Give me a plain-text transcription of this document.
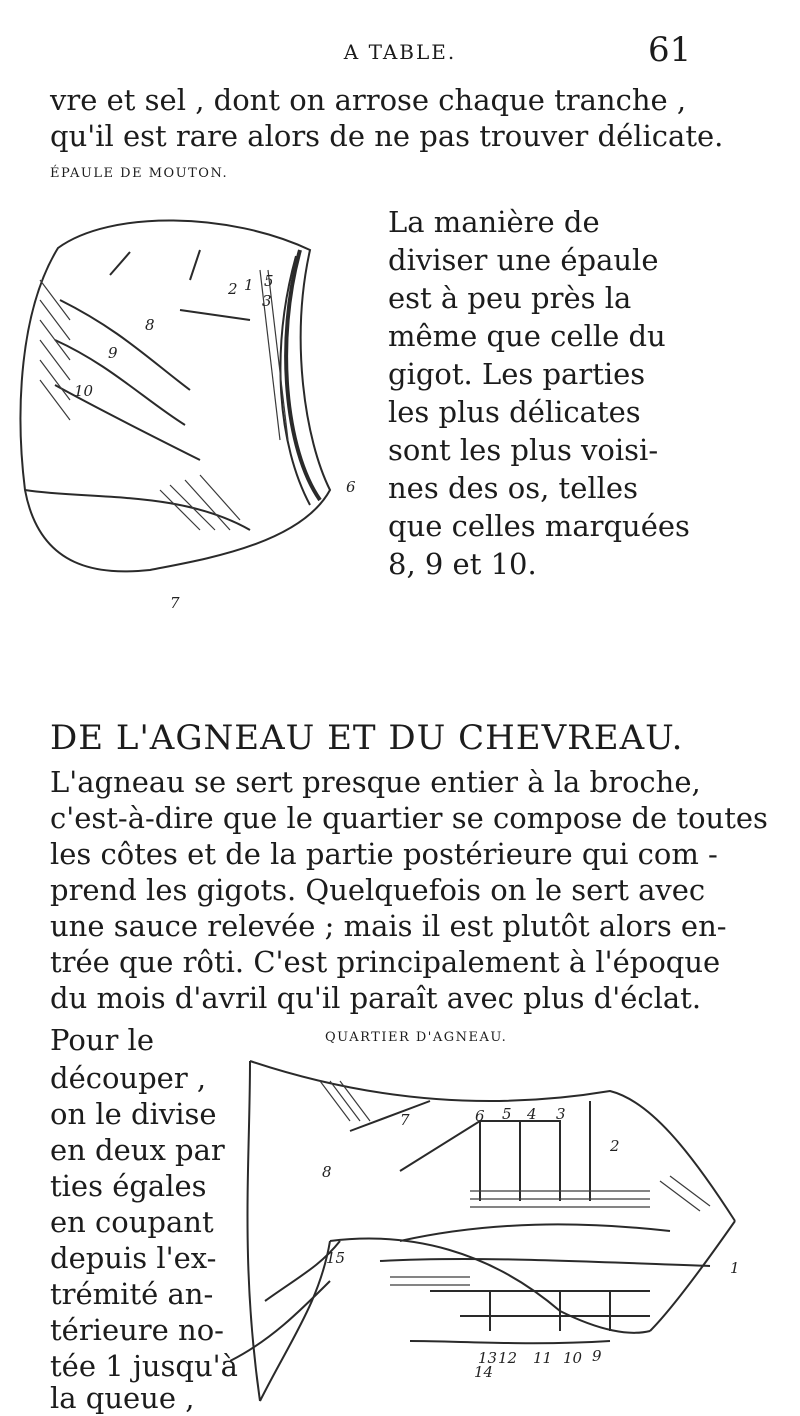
A TABLE.	61
vre et sel , dont on arrose chaque tranche ,
qu'il est rare alors de ne pas trouver délicate.
ÉPAULE DE MOUTON.
3
2 1 5
8
9
10
6
7
La manière de
diviser une épaule
est à peu près la
même que celle du
gigot. Les parties
les plus délicates
sont les plus voisi-
nes des os, telles
que celles marquées
8, 9 et 10.
DE L'AGNEAU ET DU CHEVREAU.
L'agneau se sert presque entier à la broche,
c'est-à-dire que le quartier se compose de toutes
les côtes et de la partie postérieure qui com -
prend les gigots. Quelquefois on le sert avec
une sauce relevée ; mais il est plutôt alors en-
trée que rôti. C'est principalement à l'époque
du mois d'avril qu'il paraît avec plus d'éclat.
QUARTIER D'AGNEAU.
Pour le
découper ,
on le divise
en deux par
ties égales
en coupant
depuis l'ex-
trémité an-
térieure no-
tée 1 jusqu'à
la queue ,
7	6 5 4 3
2
8
1
15
13 12 11 10 9
14
